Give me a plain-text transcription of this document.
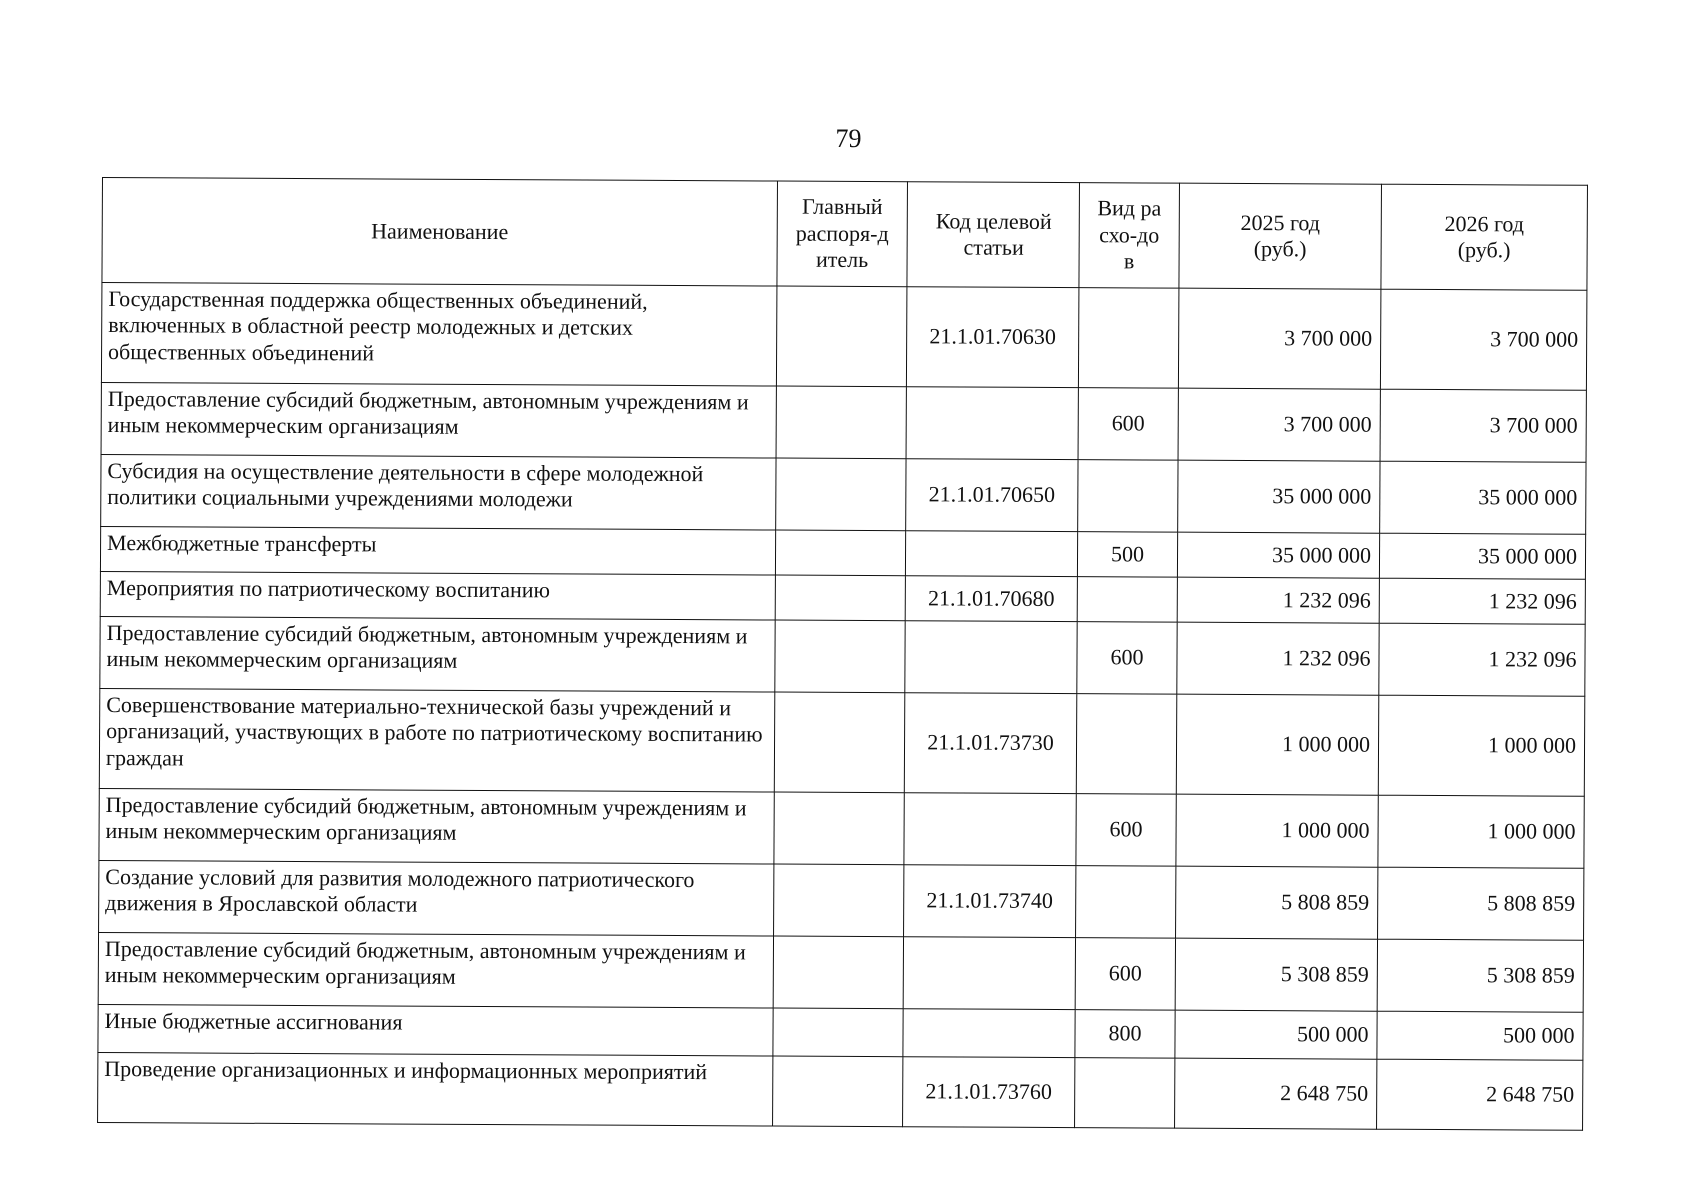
79
Наименование	Главный распоря-дитель	Код целевой статьи	Вид расхо-дов	2025 год (руб.)	2026 год (руб.)

Государственная поддержка общественных объединений, включенных в областной реестр молодежных и детских общественных объединений		21.1.01.70630		3 700 000	3 700 000
Предоставление субсидий бюджетным, автономным учреждениям и иным некоммерческим организациям			600	3 700 000	3 700 000
Субсидия на осуществление деятельности в сфере молодежной политики социальными учреждениями молодежи		21.1.01.70650		35 000 000	35 000 000
Межбюджетные трансферты			500	35 000 000	35 000 000
Мероприятия по патриотическому воспитанию		21.1.01.70680		1 232 096	1 232 096
Предоставление субсидий бюджетным, автономным учреждениям и иным некоммерческим организациям			600	1 232 096	1 232 096
Совершенствование материально-технической базы учреждений и организаций, участвующих в работе по патриотическому воспитанию граждан		21.1.01.73730		1 000 000	1 000 000
Предоставление субсидий бюджетным, автономным учреждениям и иным некоммерческим организациям			600	1 000 000	1 000 000
Создание условий для развития молодежного патриотического движения в Ярославской области		21.1.01.73740		5 808 859	5 808 859
Предоставление субсидий бюджетным, автономным учреждениям и иным некоммерческим организациям			600	5 308 859	5 308 859
Иные бюджетные ассигнования			800	500 000	500 000
Проведение организационных и информационных мероприятий		21.1.01.73760		2 648 750	2 648 750
